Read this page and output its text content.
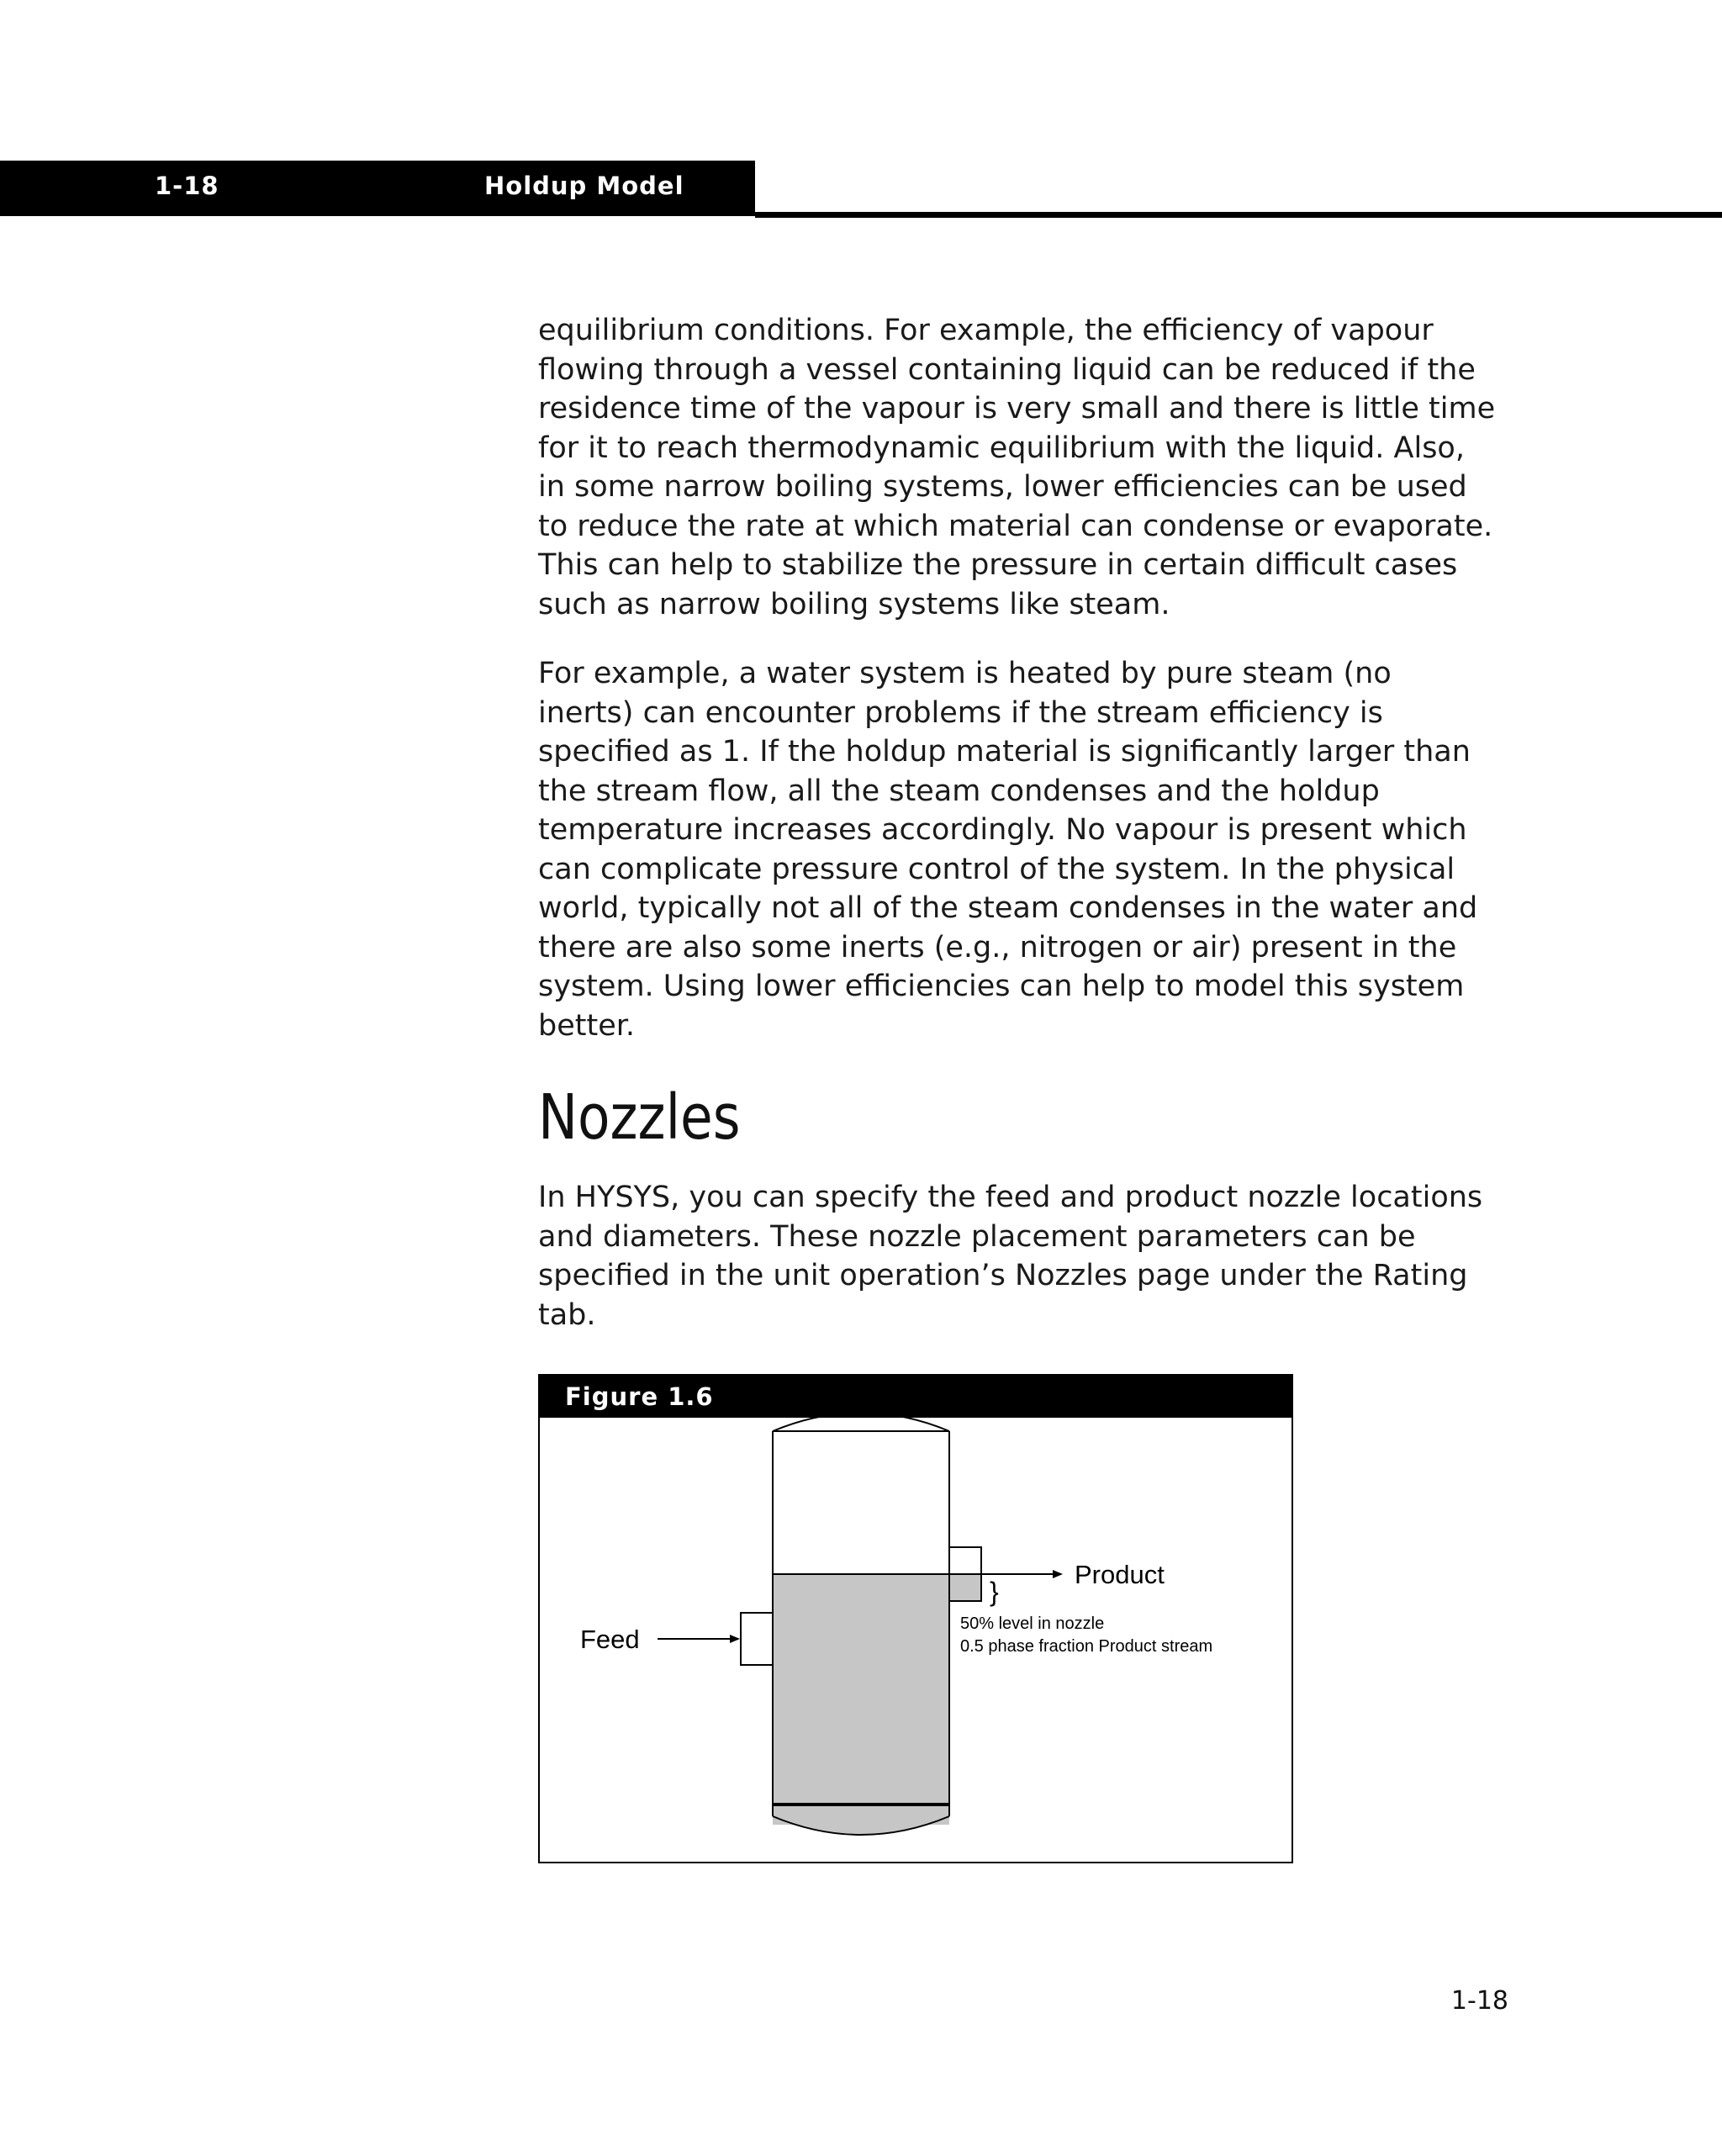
1-18	Holdup Model

equilibrium conditions. For example, the efficiency of vapour
flowing through a vessel containing liquid can be reduced if the
residence time of the vapour is very small and there is little time
for it to reach thermodynamic equilibrium with the liquid. Also,
in some narrow boiling systems, lower efficiencies can be used
to reduce the rate at which material can condense or evaporate.
This can help to stabilize the pressure in certain difficult cases
such as narrow boiling systems like steam.

For example, a water system is heated by pure steam (no
inerts) can encounter problems if the stream efficiency is
specified as 1. If the holdup material is significantly larger than
the stream flow, all the steam condenses and the holdup
temperature increases accordingly. No vapour is present which
can complicate pressure control of the system. In the physical
world, typically not all of the steam condenses in the water and
there are also some inerts (e.g., nitrogen or air) present in the
system. Using lower efficiencies can help to model this system
better.

Nozzles

In HYSYS, you can specify the feed and product nozzle locations
and diameters. These nozzle placement parameters can be
specified in the unit operation’s Nozzles page under the Rating
tab.

Figure 1.6
Feed
Product
}
50% level in nozzle
0.5 phase fraction Product stream
1-18
